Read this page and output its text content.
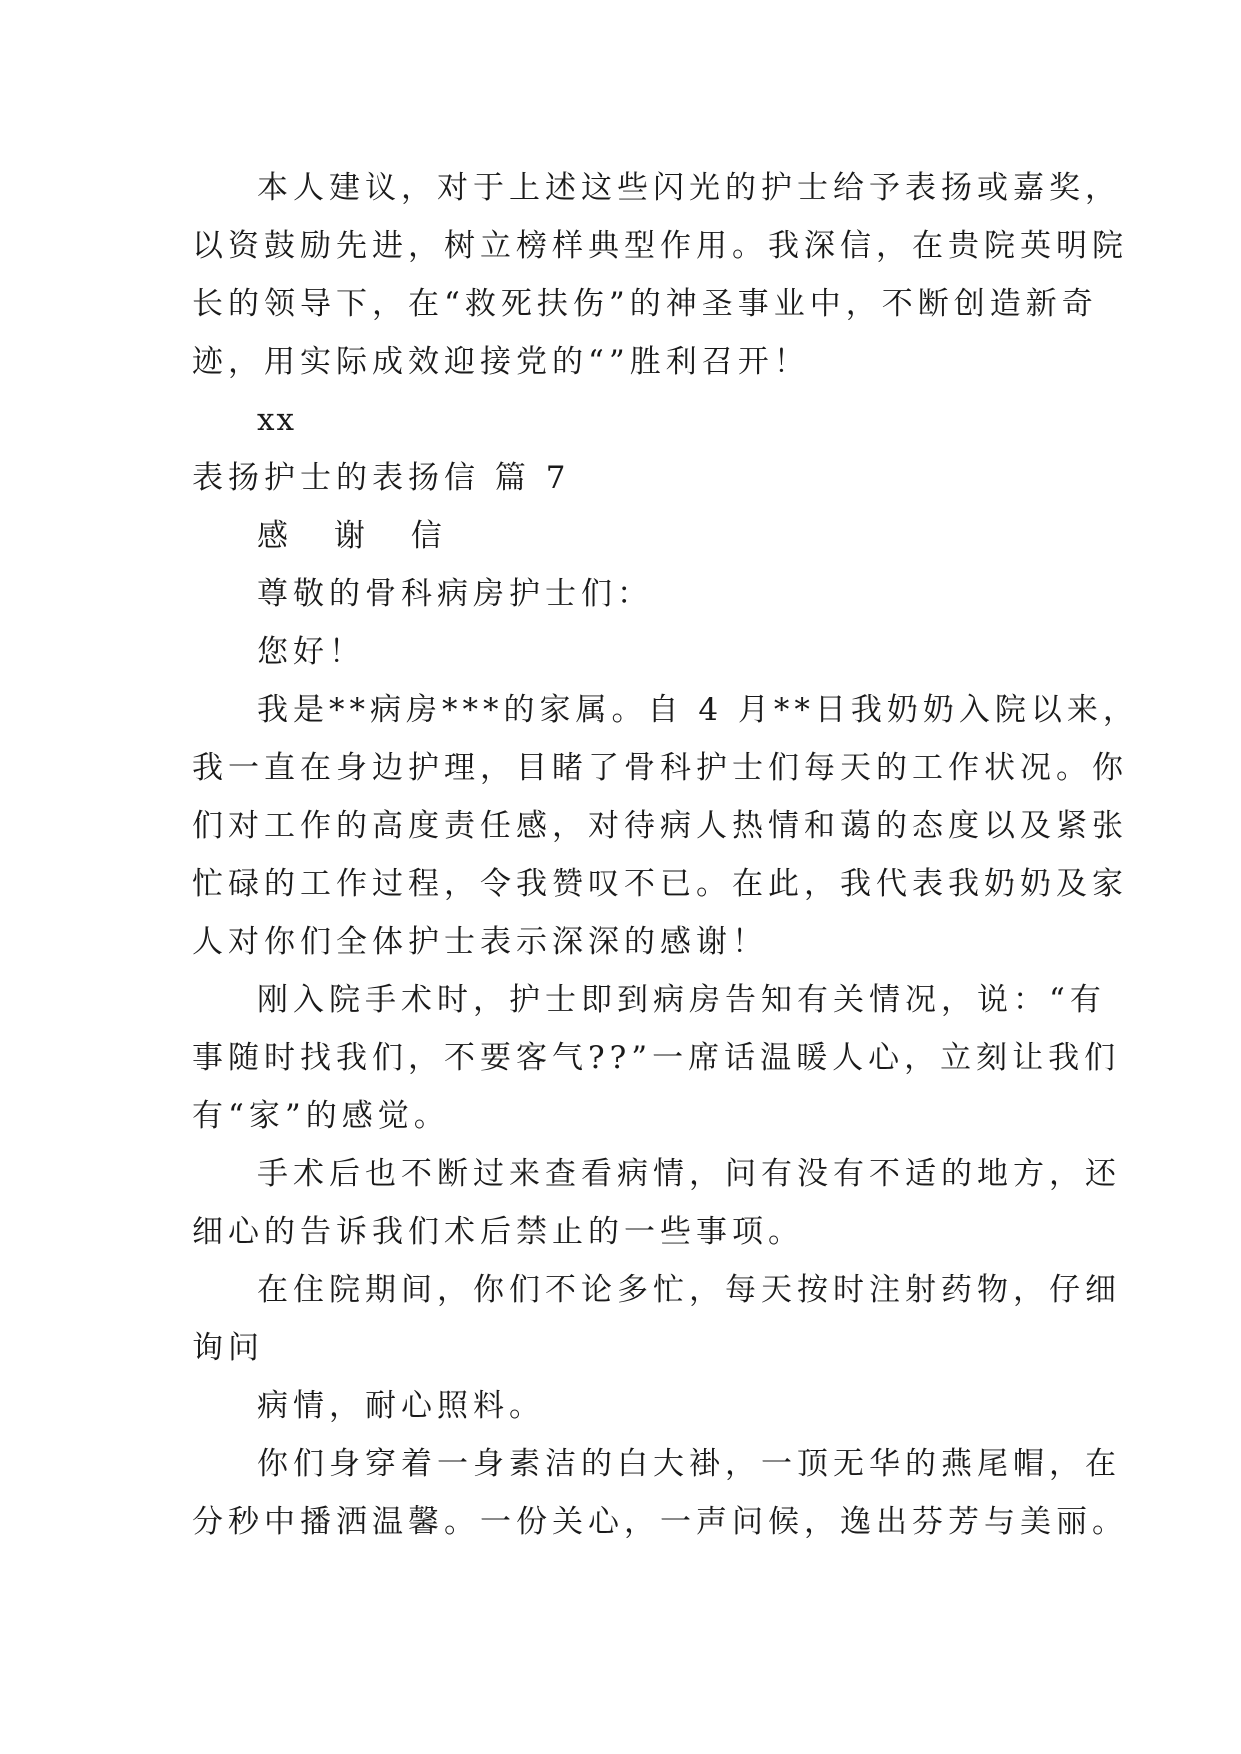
本人建议，对于上述这些闪光的护士给予表扬或嘉奖，
以资鼓励先进，树立榜样典型作用。我深信，在贵院英明院
长的领导下，在“救死扶伤”的神圣事业中，不断创造新奇
迹，用实际成效迎接党的“”胜利召开！
xx
表扬护士的表扬信 篇 7
感 谢 信
尊敬的骨科病房护士们：
您好！
我是**病房***的家属。自 4 月**日我奶奶入院以来，
我一直在身边护理，目睹了骨科护士们每天的工作状况。你
们对工作的高度责任感，对待病人热情和蔼的态度以及紧张
忙碌的工作过程，令我赞叹不已。在此，我代表我奶奶及家
人对你们全体护士表示深深的感谢！
刚入院手术时，护士即到病房告知有关情况，说：“有
事随时找我们，不要客气??”一席话温暖人心，立刻让我们
有“家”的感觉。
手术后也不断过来查看病情，问有没有不适的地方，还
细心的告诉我们术后禁止的一些事项。
在住院期间，你们不论多忙，每天按时注射药物，仔细
询问
病情，耐心照料。
你们身穿着一身素洁的白大褂，一顶无华的燕尾帽，在
分秒中播洒温馨。一份关心，一声问候，逸出芬芳与美丽。
